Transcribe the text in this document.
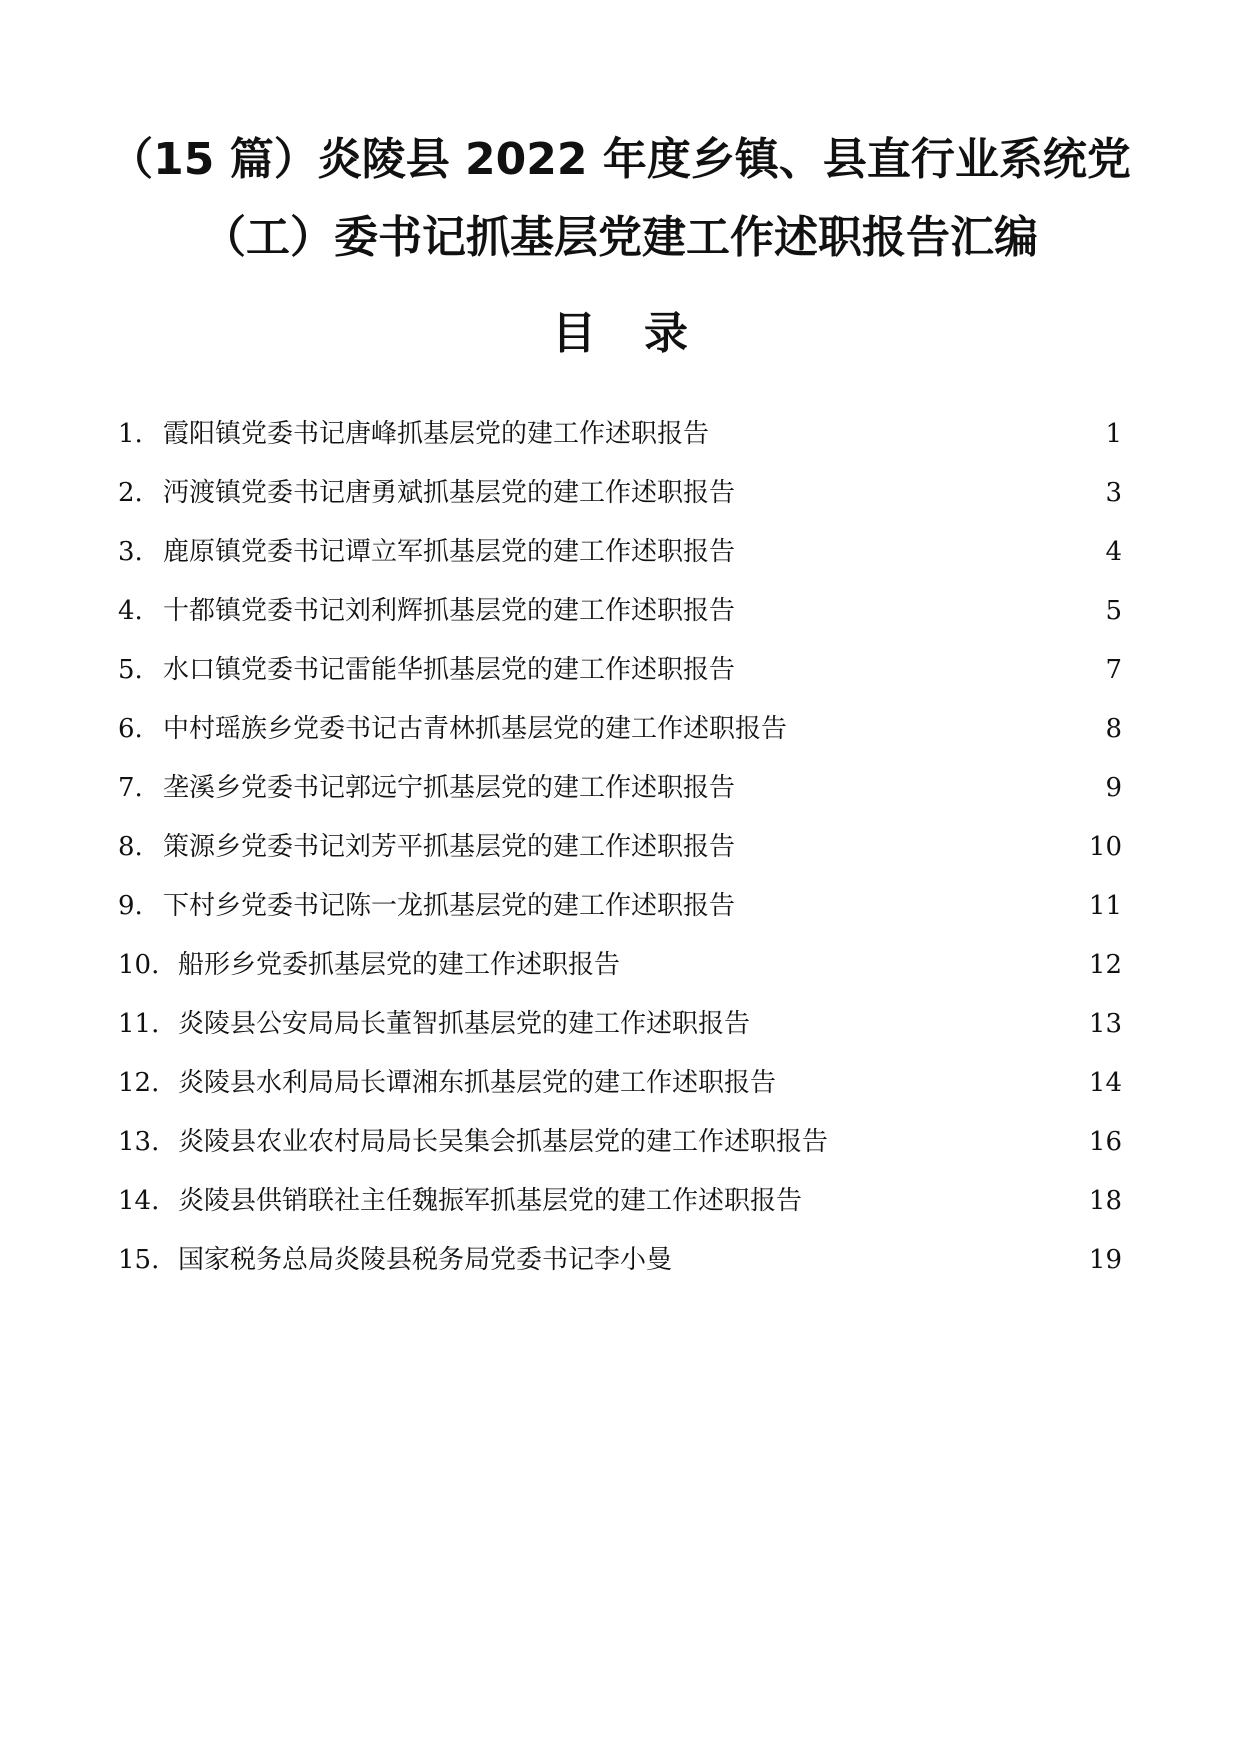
（15 篇）炎陵县 2022 年度乡镇、县直行业系统党
（工）委书记抓基层党建工作述职报告汇编
目录
1. 霞阳镇党委书记唐峰抓基层党的建工作述职报告	1
2. 沔渡镇党委书记唐勇斌抓基层党的建工作述职报告	3
3. 鹿原镇党委书记谭立军抓基层党的建工作述职报告	4
4. 十都镇党委书记刘利辉抓基层党的建工作述职报告	5
5. 水口镇党委书记雷能华抓基层党的建工作述职报告	7
6. 中村瑶族乡党委书记古青林抓基层党的建工作述职报告	8
7. 垄溪乡党委书记郭远宁抓基层党的建工作述职报告	9
8. 策源乡党委书记刘芳平抓基层党的建工作述职报告	10
9. 下村乡党委书记陈一龙抓基层党的建工作述职报告	11
10. 船形乡党委抓基层党的建工作述职报告	12
11. 炎陵县公安局局长董智抓基层党的建工作述职报告	13
12. 炎陵县水利局局长谭湘东抓基层党的建工作述职报告	14
13. 炎陵县农业农村局局长吴集会抓基层党的建工作述职报告	16
14. 炎陵县供销联社主任魏振军抓基层党的建工作述职报告	18
15. 国家税务总局炎陵县税务局党委书记李小曼	19
